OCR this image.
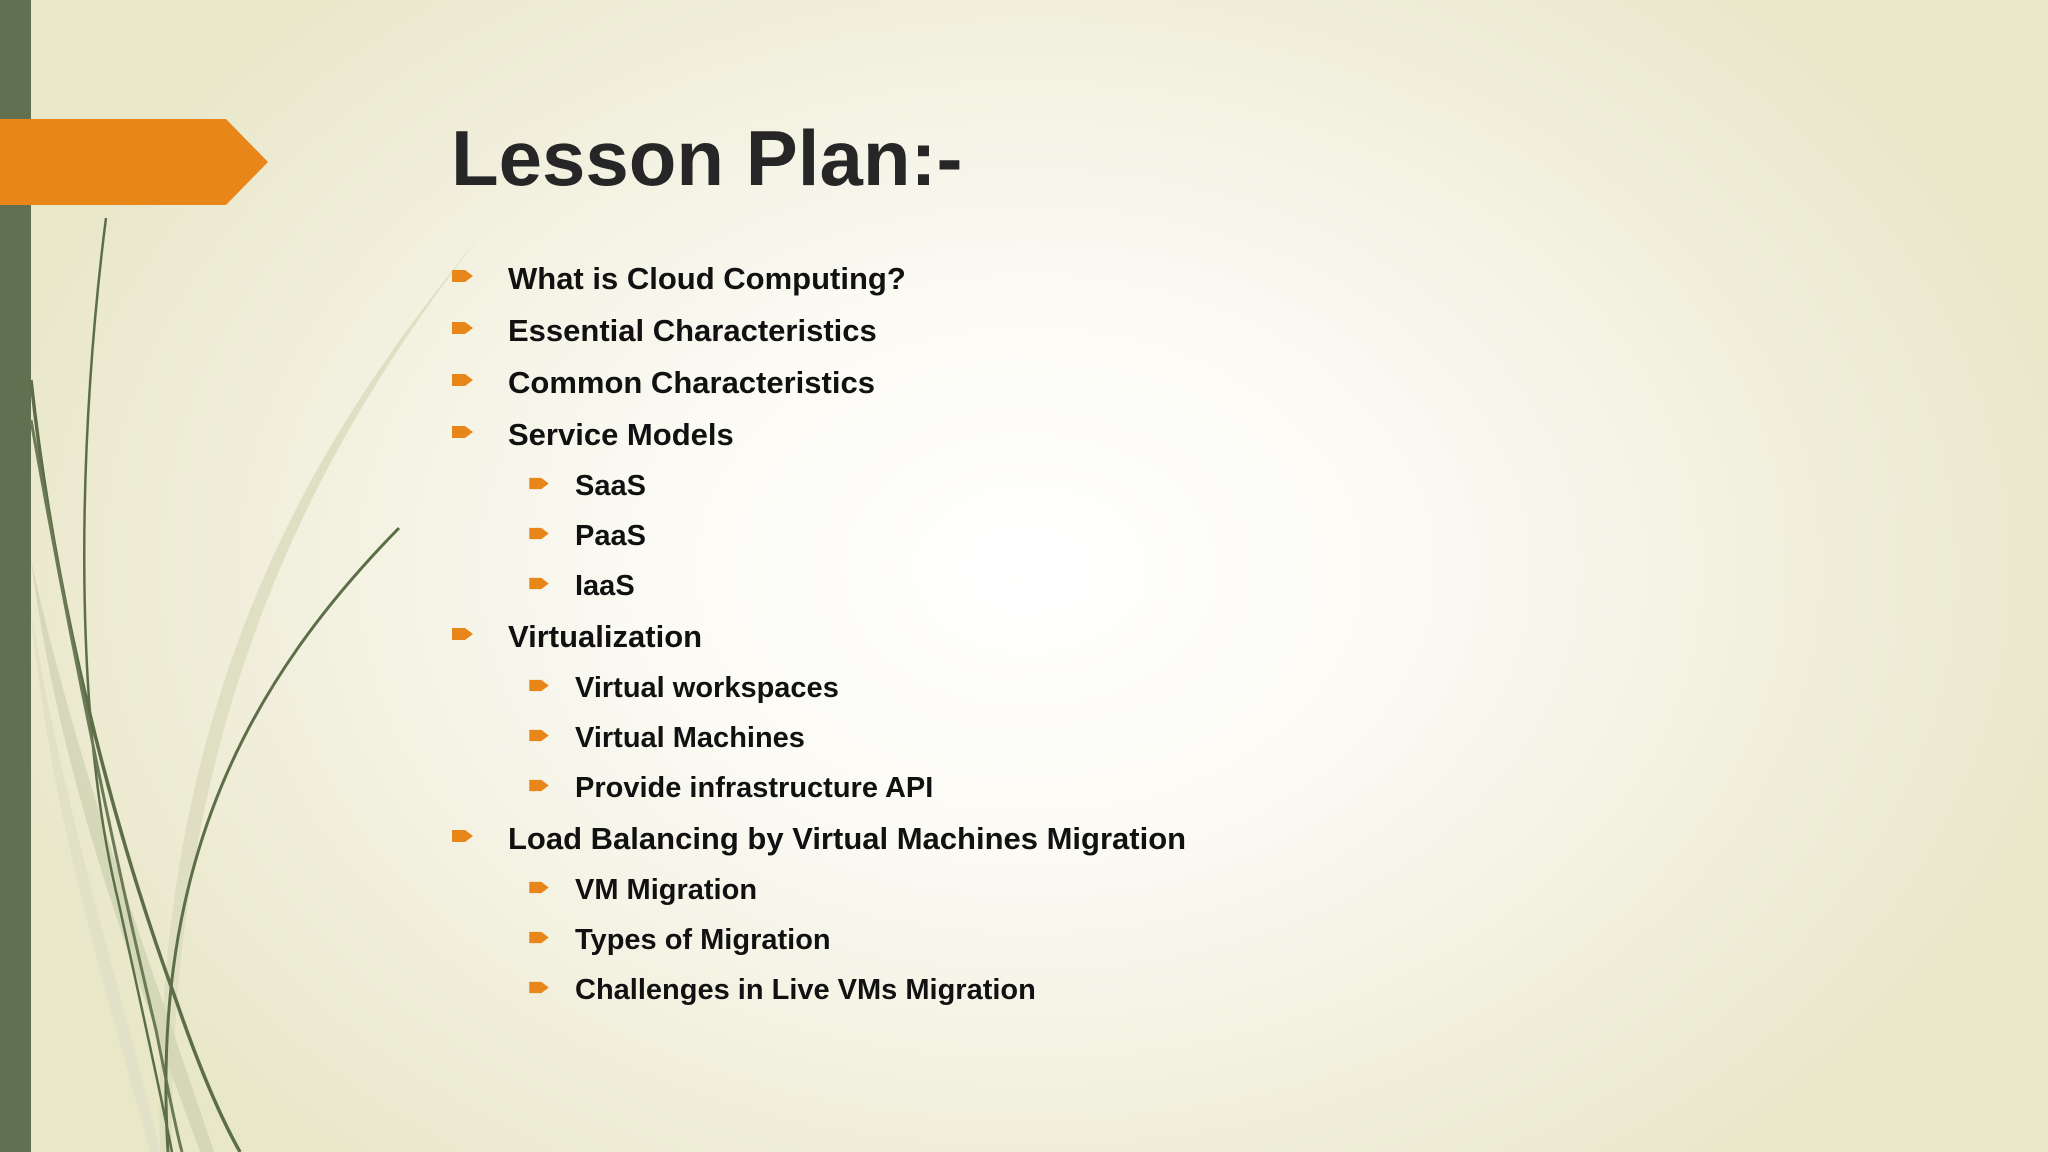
Lesson Plan:-
What is Cloud Computing?
Essential Characteristics
Common Characteristics
Service Models
SaaS
PaaS
IaaS
Virtualization
Virtual workspaces
Virtual Machines
Provide infrastructure API
Load Balancing by Virtual Machines Migration
VM Migration
Types of Migration
Challenges in Live VMs Migration
